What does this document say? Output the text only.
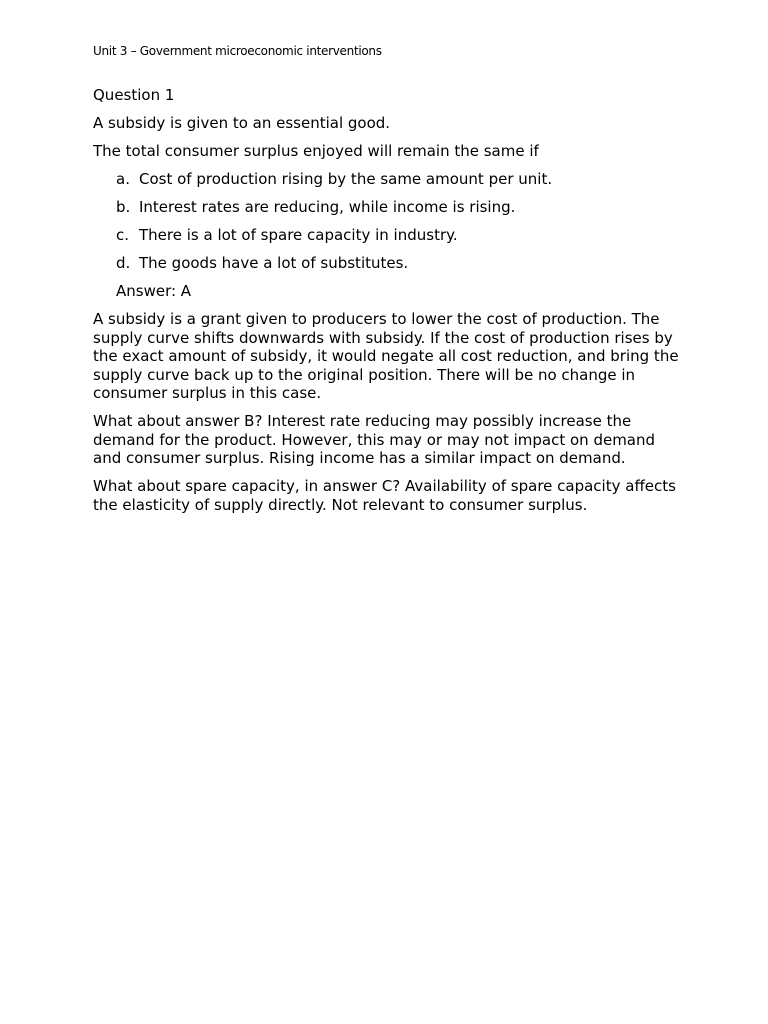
Unit 3 – Government microeconomic interventions

Question 1

A subsidy is given to an essential good.

The total consumer surplus enjoyed will remain the same if

a. Cost of production rising by the same amount per unit.
b. Interest rates are reducing, while income is rising.
c. There is a lot of spare capacity in industry.
d. The goods have a lot of substitutes.

Answer: A

A subsidy is a grant given to producers to lower the cost of production. The supply curve shifts downwards with subsidy. If the cost of production rises by the exact amount of subsidy, it would negate all cost reduction, and bring the supply curve back up to the original position. There will be no change in consumer surplus in this case.

What about answer B? Interest rate reducing may possibly increase the demand for the product. However, this may or may not impact on demand and consumer surplus. Rising income has a similar impact on demand.

What about spare capacity, in answer C? Availability of spare capacity affects the elasticity of supply directly. Not relevant to consumer surplus.
